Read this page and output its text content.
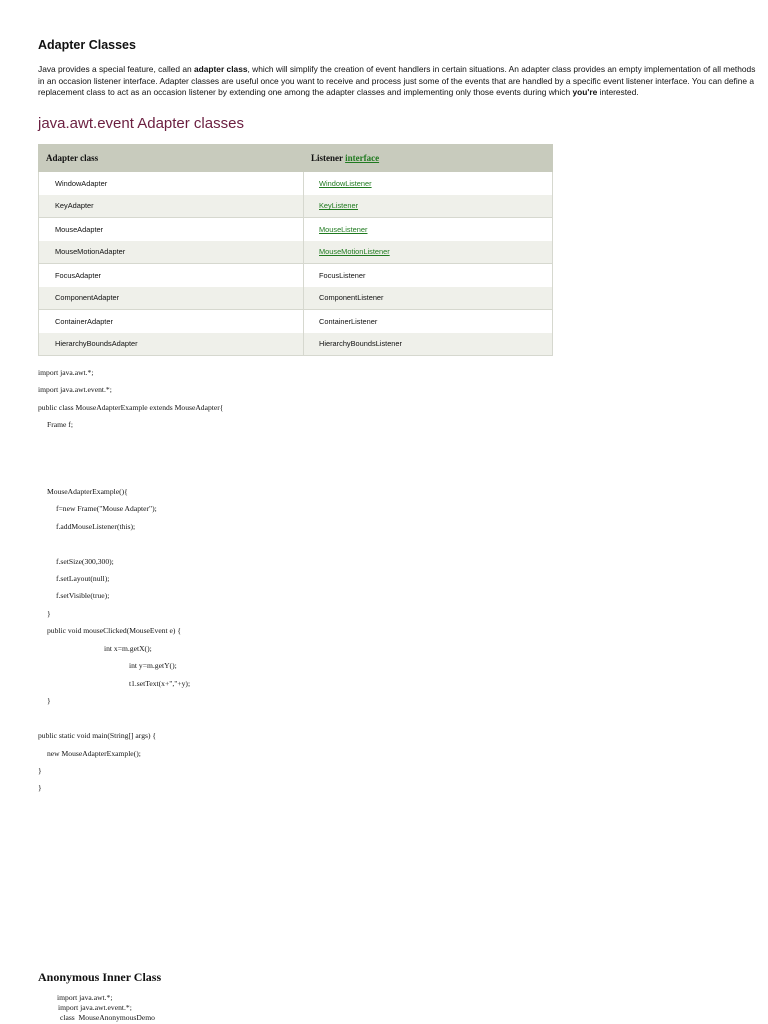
Adapter Classes

Java provides a special feature, called an adapter class, which will simplify the creation of event handlers in certain situations. An adapter class provides an empty implementation of all methods in an occasion listener interface. Adapter classes are useful once you want to receive and process just some of the events that are handled by a specific event listener interface. You can define a replacement class to act as an occasion listener by extending one among the adapter classes and implementing only those events during which you're interested.

java.awt.event Adapter classes
Adapter class	Listener interface
WindowAdapter	WindowListener
KeyAdapter	KeyListener
MouseAdapter	MouseListener
MouseMotionAdapter	MouseMotionListener
FocusAdapter	FocusListener
ComponentAdapter	ComponentListener
ContainerAdapter	ContainerListener
HierarchyBoundsAdapter	HierarchyBoundsListener
import java.awt.*;
import java.awt.event.*;
public class MouseAdapterExample extends MouseAdapter{
Frame f;
MouseAdapterExample(){
f=new Frame("Mouse Adapter");
f.addMouseListener(this);
f.setSize(300,300);
f.setLayout(null);
f.setVisible(true);
}
public void mouseClicked(MouseEvent e) {
int x=m.getX();
int y=m.getY();
t1.setText(x+","+y);
}
public static void main(String[] args) {
new MouseAdapterExample();
}
}
Anonymous Inner Class
import java.awt.*;
import java.awt.event.*;
class  MouseAnonymousDemo
